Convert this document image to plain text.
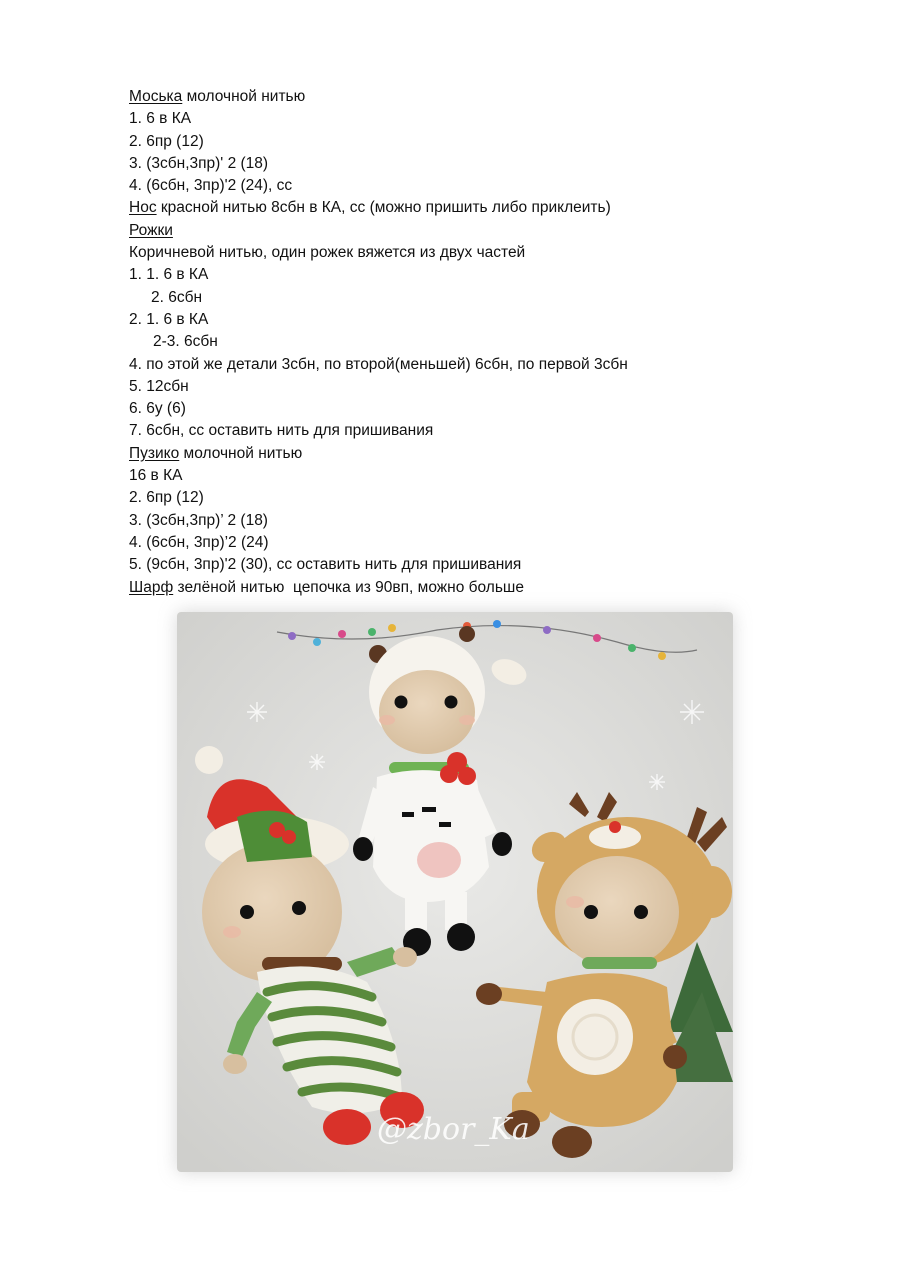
Моська молочной нитью
1. 6 в КА
2. 6пр (12)
3. (3сбн,3пр)' 2 (18)
4. (6сбн, 3пр)'2 (24), сс
Нос красной нитью 8сбн в КА, сс (можно пришить либо приклеить)
Рожки
Коричневой нитью, один рожек вяжется из двух частей
1. 1. 6 в КА
2. 6сбн
2. 1. 6 в КА
2-3. 6сбн
4. по этой же детали 3сбн, по второй(меньшей) 6сбн, по первой 3сбн
5. 12сбн
6. 6у (6)
7. 6сбн, сс оставить нить для пришивания
Пузико молочной нитью
16 в КА
2. 6пр (12)
3. (3сбн,3пр)’ 2 (18)
4. (6сбн, 3пр)’2 (24)
5. (9сбн, 3пр)'2 (30), сс оставить нить для пришивания
Шарф зелёной нитью  цепочка из 90вп, можно больше
@zbor_Ka
